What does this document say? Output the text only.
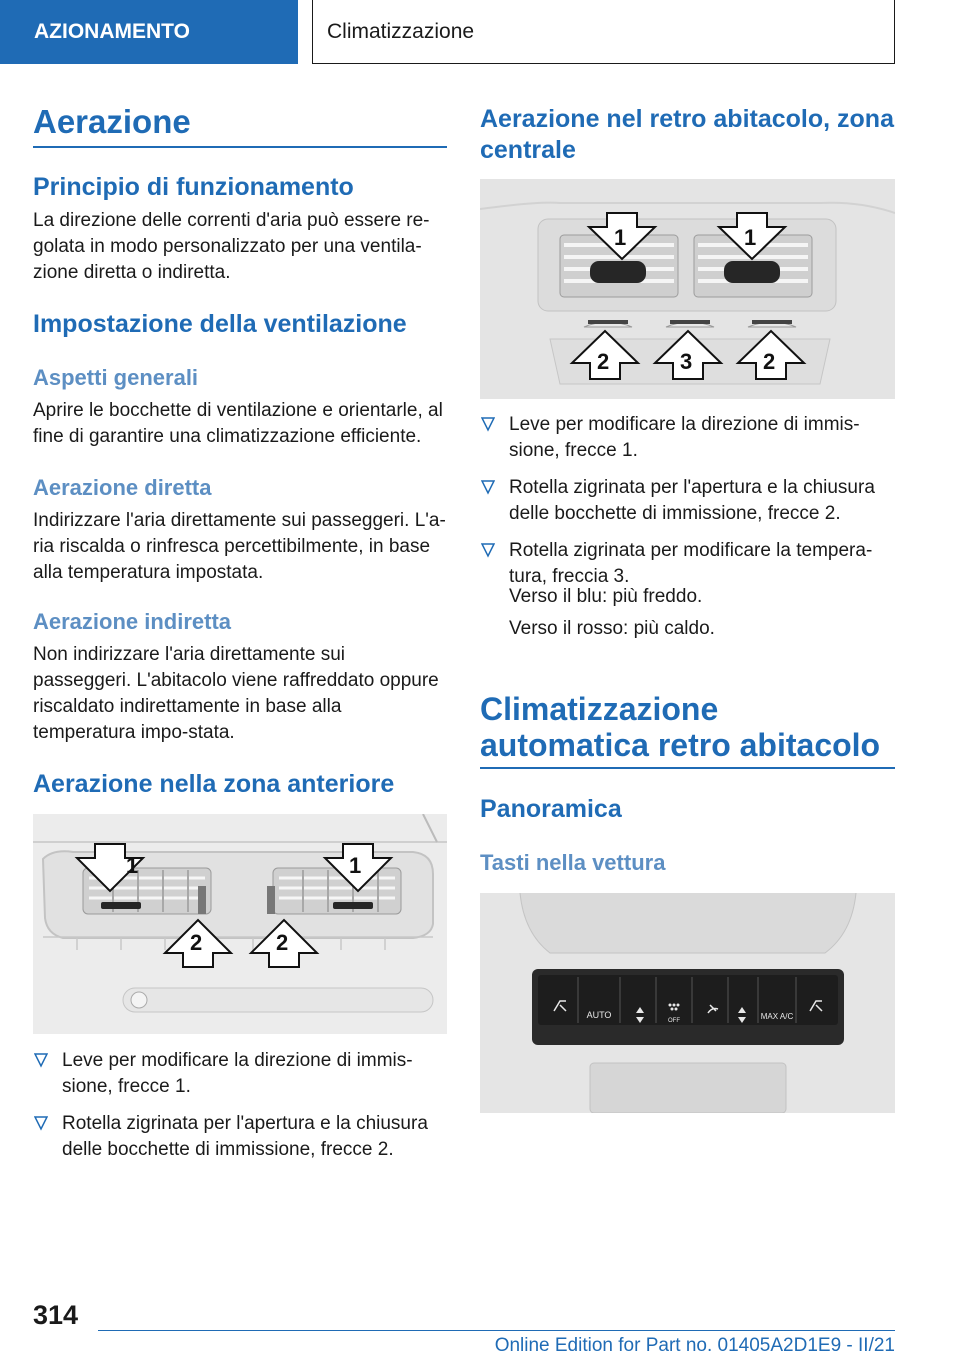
AZIONAMENTO	Climatizzazione
Aerazione
Principio di funzionamento

La direzione delle correnti d'aria può essere re-golata in modo personalizzato per una ventila-zione diretta o indiretta.

Impostazione della ventilazione
Aspetti generali

Aprire le bocchette di ventilazione e orientarle, al fine di garantire una climatizzazione efficiente.

Aerazione diretta

Indirizzare l'aria direttamente sui passeggeri. L'a-ria riscalda o rinfresca percettibilmente, in base alla temperatura impostata.

Aerazione indiretta

Non indirizzare l'aria direttamente sui passeggeri. L'abitacolo viene raffreddato oppure riscaldato indirettamente in base alla temperatura impo-stata.

Aerazione nella zona anteriore
1	1
2	2
Leve per modificare la direzione di immis-sione, frecce 1.
Rotella zigrinata per l'apertura e la chiusura delle bocchette di immissione, frecce 2.
Aerazione nel retro abitacolo, zona centrale
1	1
2	3	2
Leve per modificare la direzione di immis-sione, frecce 1.
Rotella zigrinata per l'apertura e la chiusura delle bocchette di immissione, frecce 2.
Rotella zigrinata per modificare la tempera-tura, freccia 3.
Verso il blu: più freddo.
Verso il rosso: più caldo.
Climatizzazione automatica retro abitacolo
Panoramica
Tasti nella vettura
AUTO
OFF	MAX A/C
314
Online Edition for Part no. 01405A2D1E9 - II/21
